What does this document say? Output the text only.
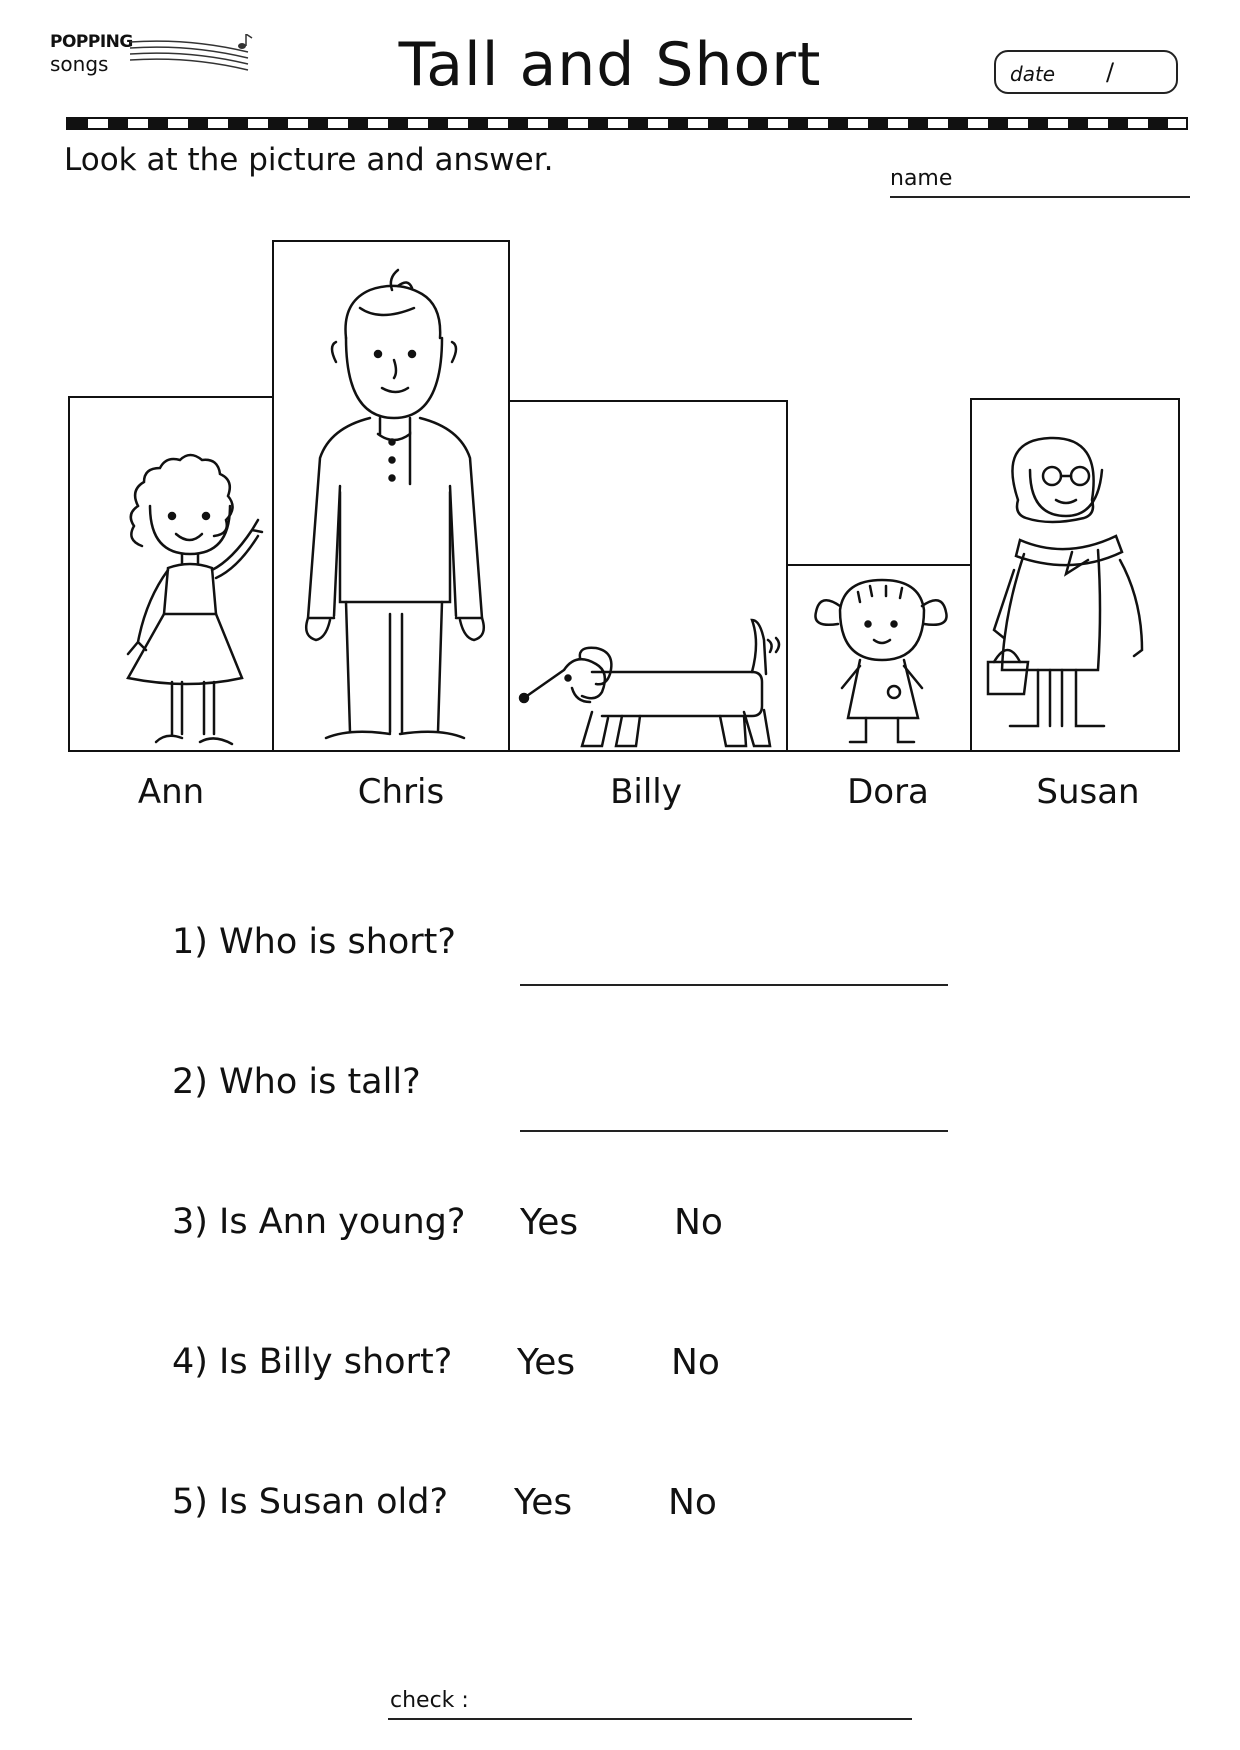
POPPING
songs	Tall and Short	date /
Look at the picture and answer.
name
Ann	Chris	Billy	Dora	Susan
1) Who is short?
2) Who is tall?
3) Is Ann young? Yes	No
4) Is Billy short? Yes	No
5) Is Susan old? Yes	No
check :
